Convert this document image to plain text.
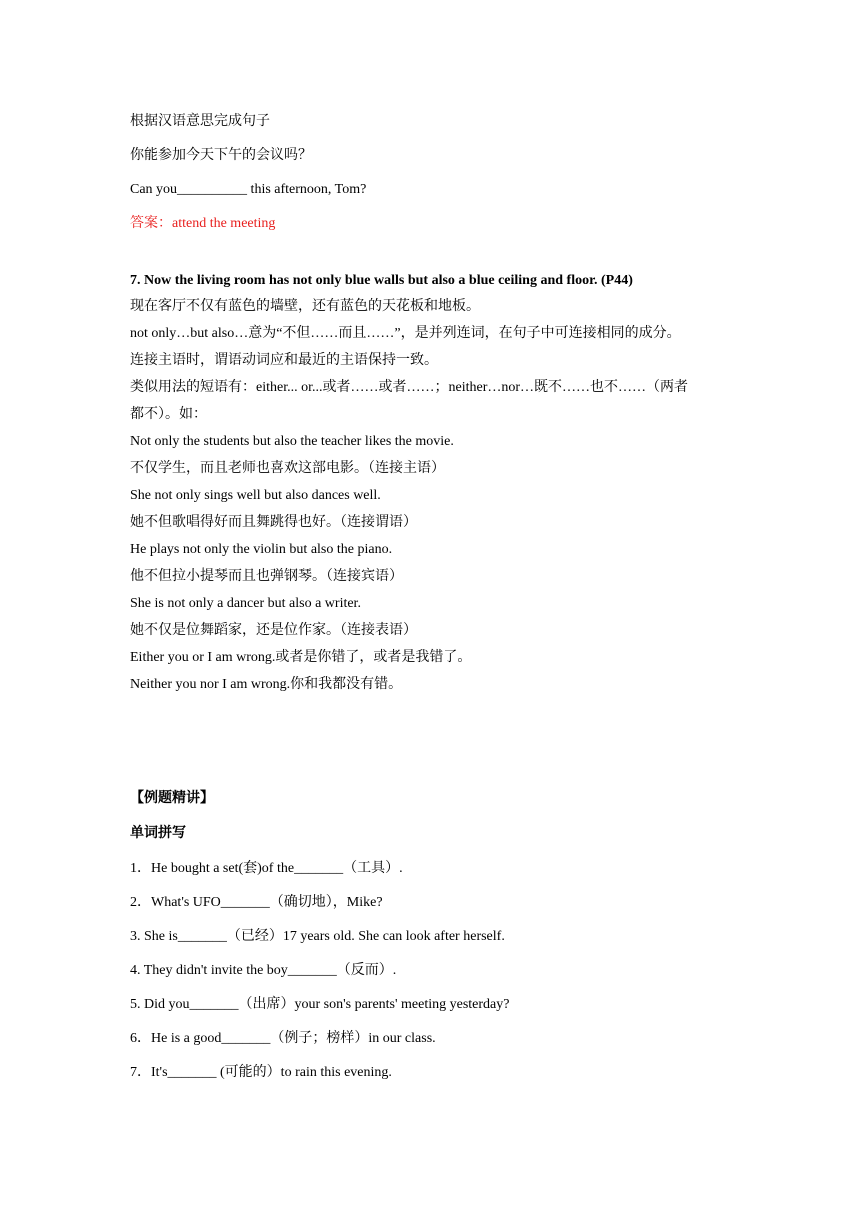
根据汉语意思完成句子
你能参加今天下午的会议吗？
Can you__________ this afternoon, Tom?
答案：attend the meeting
7. Now the living room has not only blue walls but also a blue ceiling and floor. (P44)
现在客厅不仅有蓝色的墙壁，还有蓝色的天花板和地板。
not only…but also…意为“不但……而且……”，是并列连词，在句子中可连接相同的成分。
连接主语时，谓语动词应和最近的主语保持一致。
类似用法的短语有：either... or...或者……或者……；neither…nor…既不……也不……（两者
都不）。如：
Not only the students but also the teacher likes the movie.
不仅学生，而且老师也喜欢这部电影。（连接主语）
She not only sings well but also dances well.
她不但歌唱得好而且舞跳得也好。（连接谓语）
He plays not only the violin but also the piano.
他不但拉小提琴而且也弹钢琴。（连接宾语）
She is not only a dancer but also a writer.
她不仅是位舞蹈家，还是位作家。（连接表语）
Either you or I am wrong.或者是你错了，或者是我错了。
Neither you nor I am wrong.你和我都没有错。
【例题精讲】
单词拼写
1．He bought a set(套)of the_______（工具）.
2．What's UFO_______（确切地），Mike?
3. She is_______（已经）17 years old. She can look after herself.
4. They didn't invite the boy_______（反而）.
5. Did you_______（出席）your son's parents' meeting yesterday?
6．He is a good_______（例子；榜样）in our class.
7．It's_______ (可能的）to rain this evening.
